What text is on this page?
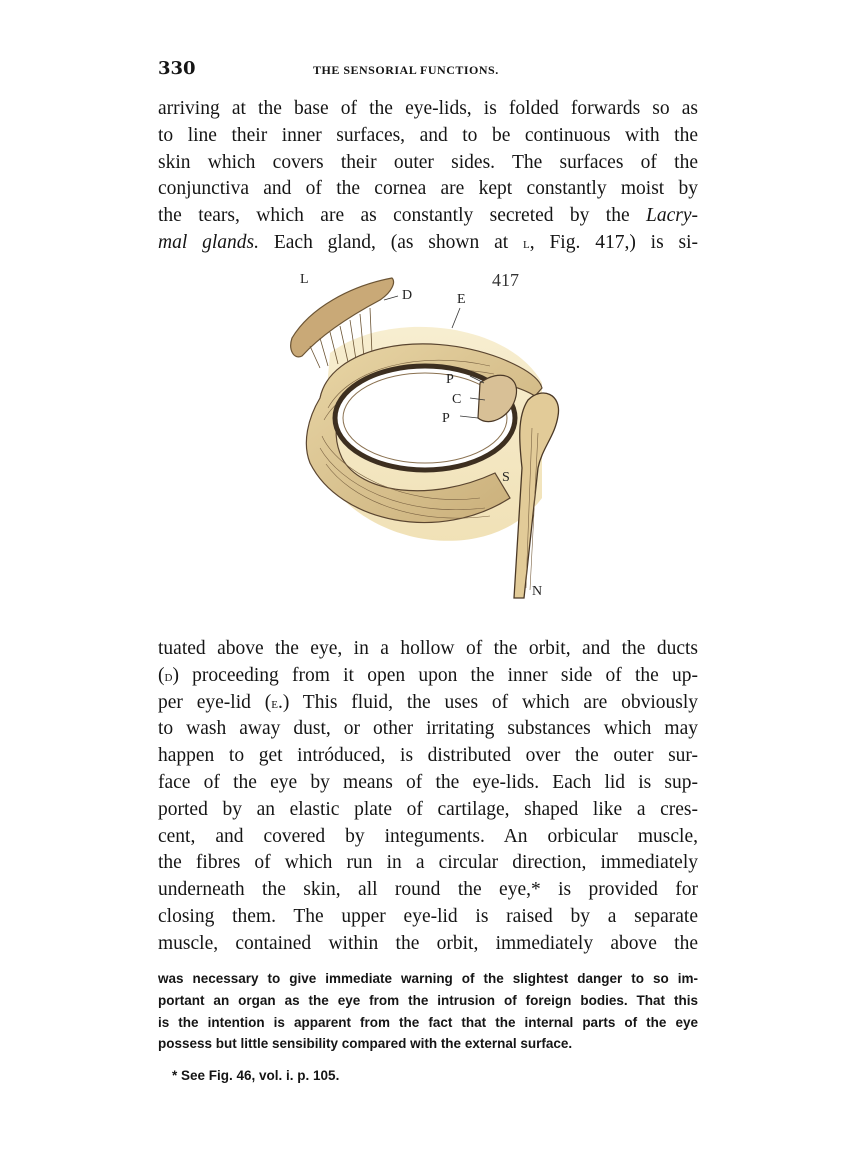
330	THE SENSORIAL FUNCTIONS.
arriving at the base of the eye-lids, is folded forwards so as
to line their inner surfaces, and to be continuous with the
skin which covers their outer sides. The surfaces of the
conjunctiva and of the cornea are kept constantly moist by
the tears, which are as constantly secreted by the Lacry-
mal glands. Each gland, (as shown at l, Fig. 417,) is si-
417
L
D	E
P
C
P
S
N
tuated above the eye, in a hollow of the orbit, and the ducts
(d) proceeding from it open upon the inner side of the up-
per eye-lid (e.) This fluid, the uses of which are obviously
to wash away dust, or other irritating substances which may
happen to get intróduced, is distributed over the outer sur-
face of the eye by means of the eye-lids. Each lid is sup-
ported by an elastic plate of cartilage, shaped like a cres-
cent, and covered by integuments. An orbicular muscle,
the fibres of which run in a circular direction, immediately
underneath the skin, all round the eye,* is provided for
closing them. The upper eye-lid is raised by a separate
muscle, contained within the orbit, immediately above the
was necessary to give immediate warning of the slightest danger to so im-
portant an organ as the eye from the intrusion of foreign bodies. That this
is the intention is apparent from the fact that the internal parts of the eye
possess but little sensibility compared with the external surface.
* See Fig. 46, vol. i. p. 105.
